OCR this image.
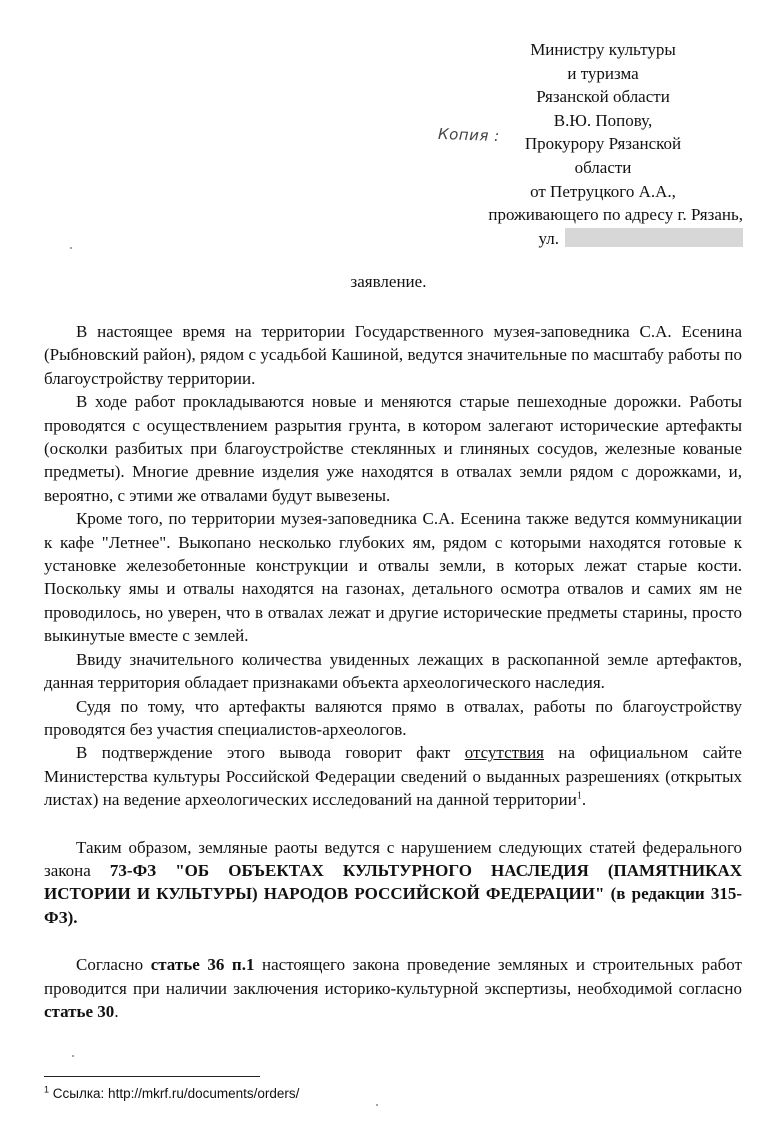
Министру культуры
и туризма
Рязанской области
В.Ю. Попову,
Прокурору Рязанской
области
от Петруцкого А.А.,
проживающего по адресу г. Рязань,
ул.
Копия :
заявление.

В настоящее время на территории Государственного музея-заповедника С.А. Есенина (Рыбновский район), рядом с усадьбой Кашиной, ведутся значительные по масштабу работы по благоустройству территории.

В ходе работ прокладываются новые и меняются старые пешеходные дорожки. Работы проводятся с осуществлением разрытия грунта, в котором залегают исторические артефакты (осколки разбитых при благоустройстве стеклянных и глиняных сосудов, железные кованые предметы). Многие древние изделия уже находятся в отвалах земли рядом с дорожками, и, вероятно, с этими же отвалами будут вывезены.

Кроме того, по территории музея-заповедника С.А. Есенина также ведутся коммуникации к кафе "Летнее". Выкопано несколько глубоких ям, рядом с которыми находятся готовые к установке железобетонные конструкции и отвалы земли, в которых лежат старые кости. Поскольку ямы и отвалы находятся на газонах, детального осмотра отвалов и самих ям не проводилось, но уверен, что в отвалах лежат и другие исторические предметы старины, просто выкинутые вместе с землей.

Ввиду значительного количества увиденных лежащих в раскопанной земле артефактов, данная территория обладает признаками объекта археологического наследия.

Судя по тому, что артефакты валяются прямо в отвалах, работы по благоустройству проводятся без участия специалистов-археологов.

В подтверждение этого вывода говорит факт отсутствия на официальном сайте Министерства культуры Российской Федерации сведений о выданных разрешениях (открытых листах) на ведение археологических исследований на данной территории$^1$.

Таким образом, земляные раоты ведутся с нарушением следующих статей федерального закона 73-ФЗ "ОБ ОБЪЕКТАХ КУЛЬТУРНОГО НАСЛЕДИЯ (ПАМЯТНИКАХ ИСТОРИИ И КУЛЬТУРЫ) НАРОДОВ РОССИЙСКОЙ ФЕДЕРАЦИИ" (в редакции 315-ФЗ).

Согласно статье 36 п.1 настоящего закона проведение земляных и строительных работ проводится при наличии заключения историко-культурной экспертизы, необходимой согласно статье 30.

$^1$ Ссылка: http://mkrf.ru/documents/orders/
